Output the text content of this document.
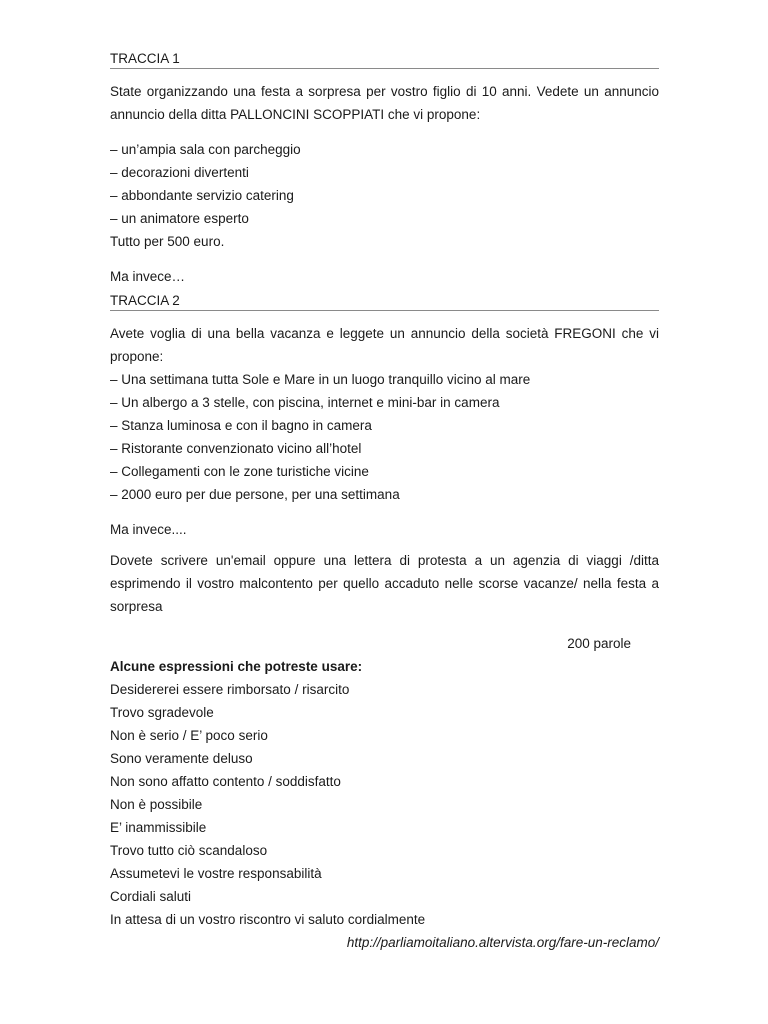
TRACCIA 1
State organizzando una festa a sorpresa per vostro figlio di 10 anni. Vedete un annuncio annuncio della ditta PALLONCINI SCOPPIATI che vi propone:
– un’ampia sala con parcheggio
– decorazioni divertenti
– abbondante servizio catering
– un animatore esperto
Tutto per 500 euro.
Ma invece…
TRACCIA 2
Avete voglia di una bella vacanza e leggete un annuncio della società FREGONI che vi propone:
– Una settimana tutta Sole e Mare in un luogo tranquillo vicino al mare
– Un albergo a 3 stelle, con piscina, internet e mini-bar in camera
– Stanza luminosa e con il bagno in camera
– Ristorante convenzionato vicino all’hotel
– Collegamenti con le zone turistiche vicine
– 2000 euro per due persone, per una settimana
Ma invece....
Dovete scrivere un'email oppure una lettera di protesta a un agenzia di viaggi /ditta esprimendo il vostro malcontento per quello accaduto nelle scorse vacanze/ nella festa a sorpresa
200 parole
Alcune espressioni che potreste usare:
Desidererei essere rimborsato / risarcito
Trovo sgradevole
Non è serio / E’ poco serio
Sono veramente deluso
Non sono affatto contento / soddisfatto
Non è possibile
E’ inammissibile
Trovo tutto ciò scandaloso
Assumetevi le vostre responsabilità
Cordiali saluti
In attesa di un vostro riscontro vi saluto cordialmente
http://parliamoitaliano.altervista.org/fare-un-reclamo/
